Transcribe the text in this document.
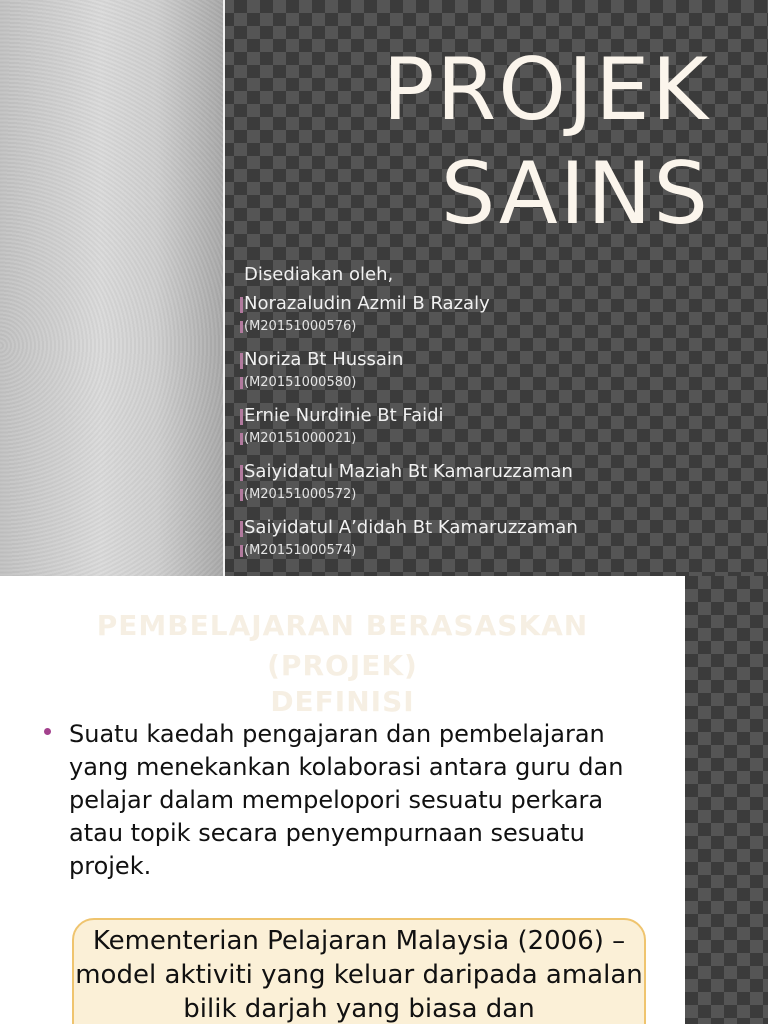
PROJEK
SAINS
Disediakan oleh,
Norazaludin Azmil B Razaly
(M20151000576)
Noriza Bt Hussain
(M20151000580)
Ernie Nurdinie Bt Faidi
(M20151000021)
Saiyidatul Maziah Bt Kamaruzzaman
(M20151000572)
Saiyidatul A’didah Bt Kamaruzzaman
(M20151000574)
PEMBELAJARAN BERASASKAN
(PROJEK)
DEFINISI
Suatu kaedah pengajaran dan pembelajaran yang menekankan kolaborasi antara guru dan pelajar dalam mempelopori sesuatu perkara atau topik secara penyempurnaan sesuatu projek.
Kementerian Pelajaran Malaysia (2006) – model aktiviti yang keluar daripada amalan bilik darjah yang biasa dan
